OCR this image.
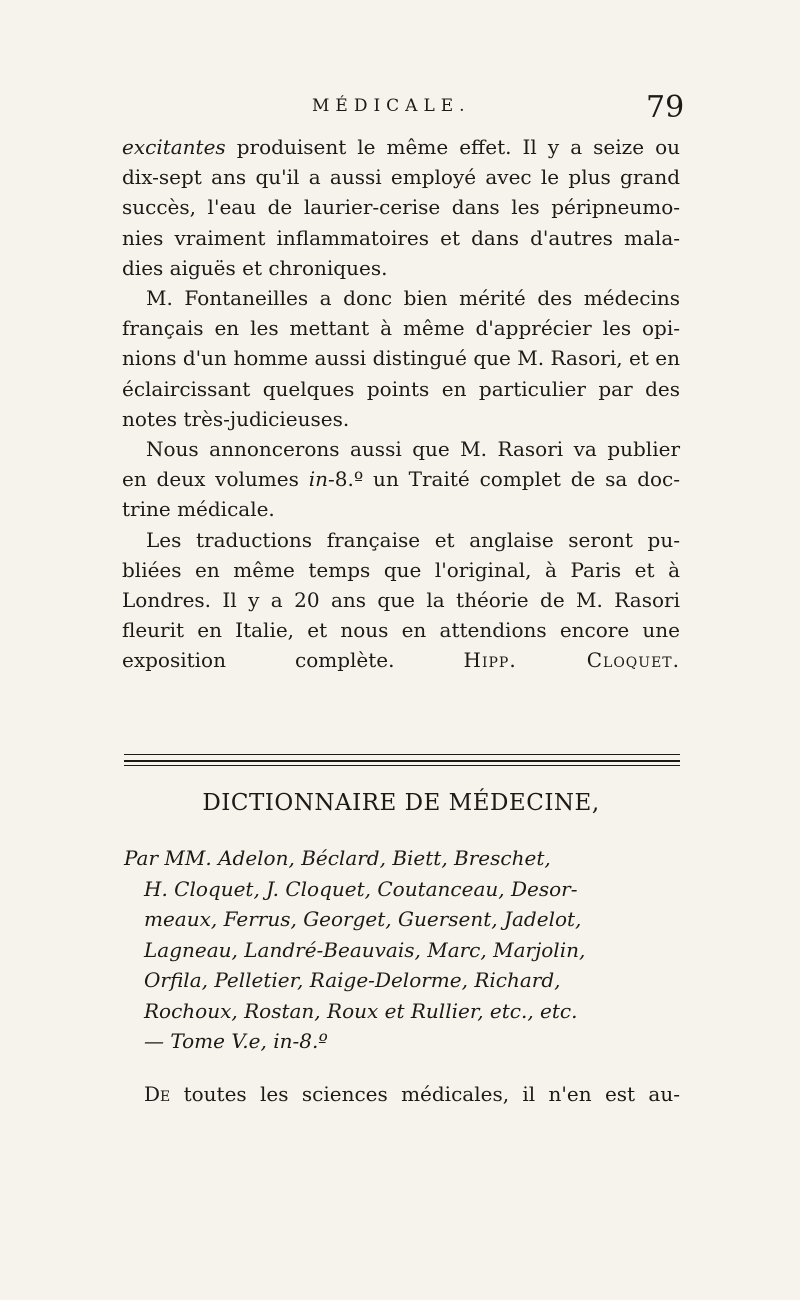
MÉDICALE.	79

excitantes produisent le même effet. Il y a seize ou dix-sept ans qu'il a aussi employé avec le plus grand succès, l'eau de laurier-cerise dans les péripneumo- nies vraiment inflammatoires et dans d'autres mala- dies aiguës et chroniques.

M. Fontaneilles a donc bien mérité des médecins français en les mettant à même d'apprécier les opi- nions d'un homme aussi distingué que M. Rasori, et en éclaircissant quelques points en particulier par des notes très-judicieuses.

Nous annoncerons aussi que M. Rasori va publier en deux volumes in-8.º un Traité complet de sa doc- trine médicale.

Les traductions française et anglaise seront pu- bliées en même temps que l'original, à Paris et à Londres. Il y a 20 ans que la théorie de M. Rasori fleurit en Italie, et nous en attendions encore une exposition complète.	Hipp. Cloquet.

DICTIONNAIRE DE MÉDECINE,

Par MM. Adelon, Béclard, Biett, Breschet,
H. Cloquet, J. Cloquet, Coutanceau, Desor-
meaux, Ferrus, Georget, Guersent, Jadelot,
Lagneau, Landré-Beauvais, Marc, Marjolin,
Orfila, Pelletier, Raige-Delorme, Richard,
Rochoux, Rostan, Roux et Rullier, etc., etc.
— Tome V.e, in-8.º

De toutes les sciences médicales, il n'en est au-
